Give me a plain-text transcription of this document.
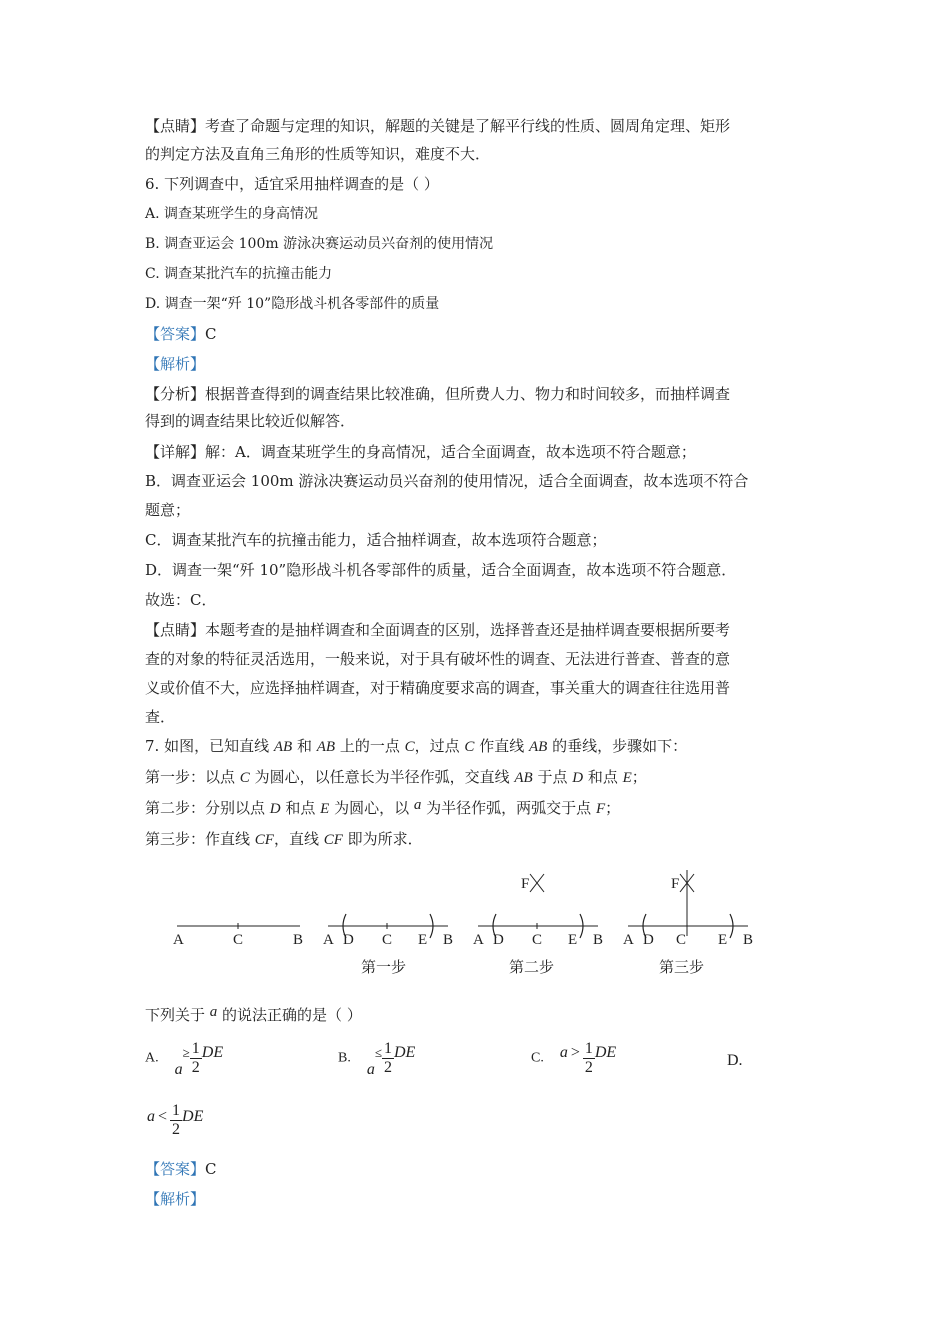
【点睛】考查了命题与定理的知识，解题的关键是了解平行线的性质、圆周角定理、矩形
的判定方法及直角三角形的性质等知识，难度不大．
6. 下列调查中，适宜采用抽样调查的是（ ）
A. 调查某班学生的身高情况
B. 调查亚运会 100m 游泳决赛运动员兴奋剂的使用情况
C. 调查某批汽车的抗撞击能力
D. 调查一架“歼 10”隐形战斗机各零部件的质量
【答案】C
【解析】
【分析】根据普查得到的调查结果比较准确，但所费人力、物力和时间较多，而抽样调查
得到的调查结果比较近似解答．
【详解】解：A．调查某班学生的身高情况，适合全面调查，故本选项不符合题意；
B．调查亚运会 100m 游泳决赛运动员兴奋剂的使用情况，适合全面调查，故本选项不符合
题意；
C．调查某批汽车的抗撞击能力，适合抽样调查，故本选项符合题意；
D．调查一架“歼 10”隐形战斗机各零部件的质量，适合全面调查，故本选项不符合题意．
故选：C．
【点睛】本题考查的是抽样调查和全面调查的区别，选择普查还是抽样调查要根据所要考
查的对象的特征灵活选用，一般来说，对于具有破坏性的调查、无法进行普查、普查的意
义或价值不大，应选择抽样调查，对于精确度要求高的调查，事关重大的调查往往选用普
查．
7. 如图，已知直线 AB 和 AB 上的一点 C，过点 C 作直线 AB 的垂线，步骤如下：
第一步：以点 C 为圆心，以任意长为半径作弧，交直线 AB 于点 D 和点 E；
第二步：分别以点 D 和点 E 为圆心，以 a 为半径作弧，两弧交于点 F；
第三步：作直线 CF，直线 CF 即为所求．
A	C	B
第一步
A D C E B
F
A D C E B
第二步
F
A D C E B
第三步
下列关于 a 的说法正确的是（ ）
A. $a^\ge \frac{1}{2}$ DE	B. $a^\le \frac{1}{2}$ DE	C. $a > \frac{1}{2}$ DE	D.
$a < \frac{1}{2}$ DE
【答案】C
【解析】
